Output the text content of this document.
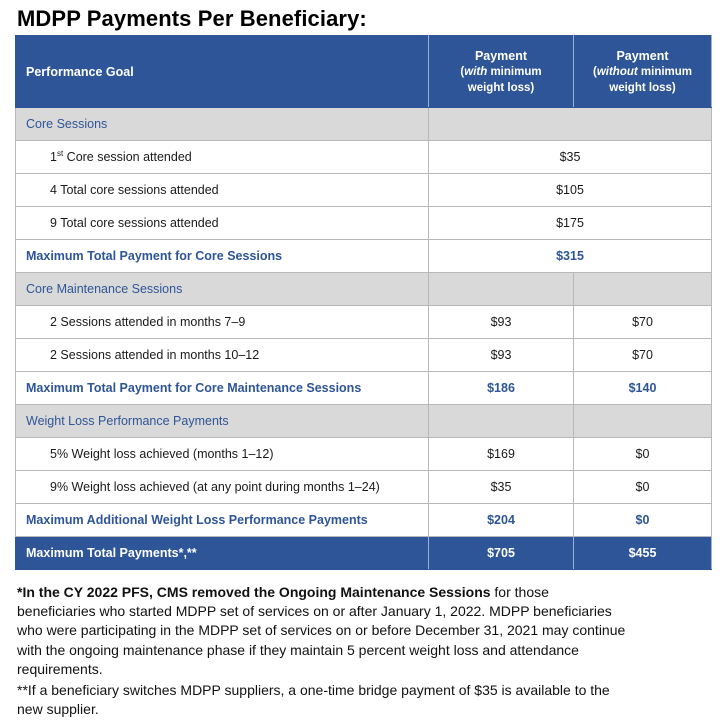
MDPP Payments Per Beneficiary:
Performance Goal	Payment
(with minimum
weight loss)	Payment
(without minimum
weight loss)

Core Sessions		
1st Core session attended	$35	
4 Total core sessions attended	$105	
9 Total core sessions attended	$175	
Maximum Total Payment for Core Sessions	$315	
Core Maintenance Sessions		
2 Sessions attended in months 7–9	$93	$70
2 Sessions attended in months 10–12	$93	$70
Maximum Total Payment for Core Maintenance Sessions	$186	$140
Weight Loss Performance Payments		
5% Weight loss achieved (months 1–12)	$169	$0
9% Weight loss achieved (at any point during months 1–24)	$35	$0
Maximum Additional Weight Loss Performance Payments	$204	$0
Maximum Total Payments*,**	$705	$455

*In the CY 2022 PFS, CMS removed the Ongoing Maintenance Sessions for those beneficiaries who started MDPP set of services on or after January 1, 2022. MDPP beneficiaries who were participating in the MDPP set of services on or before December 31, 2021 may continue with the ongoing maintenance phase if they maintain 5 percent weight loss and attendance requirements.

**If a beneficiary switches MDPP suppliers, a one-time bridge payment of $35 is available to the new supplier.
